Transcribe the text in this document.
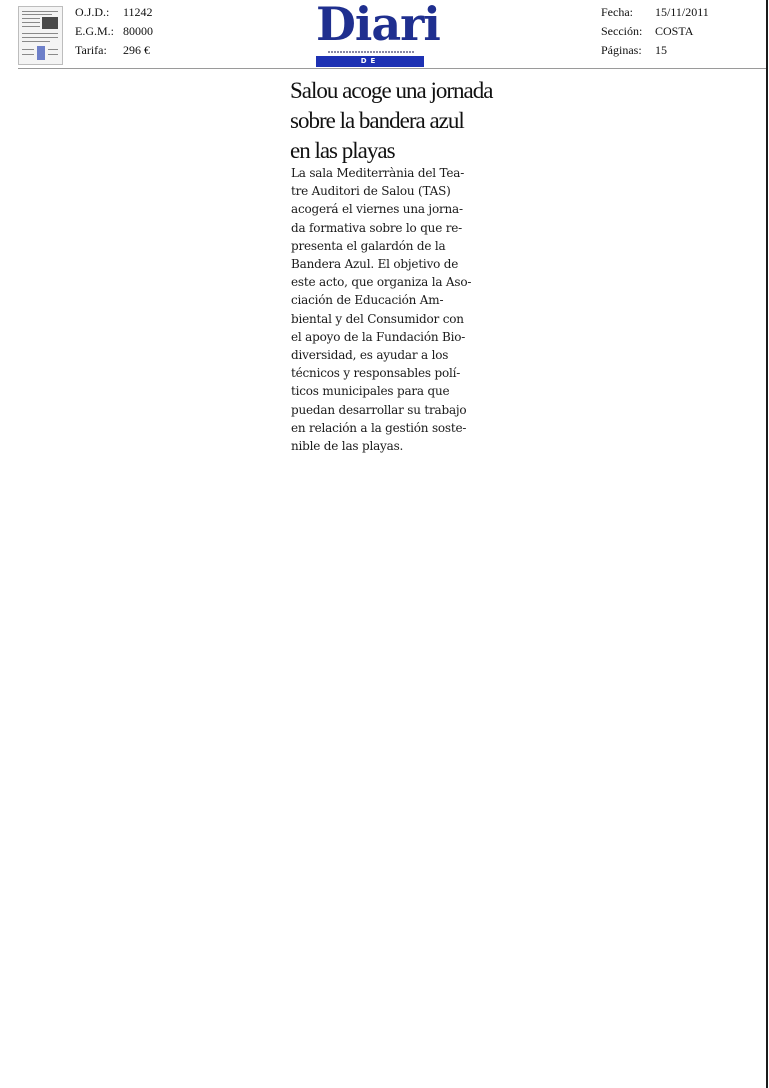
O.J.D.:	11242
E.G.M.: 80000
Tarifa:	296 €	Diari
DE TARRAGONA
Fecha:	15/11/2011
Sección:	COSTA
Páginas:	15
Salou acoge una jornada
sobre la bandera azul
en las playas
La sala Mediterrània del Tea-
tre Auditori de Salou (TAS)
acogerá el viernes una jorna-
da formativa sobre lo que re-
presenta el galardón de la
Bandera Azul. El objetivo de
este acto, que organiza la Aso-
ciación de Educación Am-
biental y del Consumidor con
el apoyo de la Fundación Bio-
diversidad, es ayudar a los
técnicos y responsables polí-
ticos municipales para que
puedan desarrollar su trabajo
en relación a la gestión soste-
nible de las playas.
